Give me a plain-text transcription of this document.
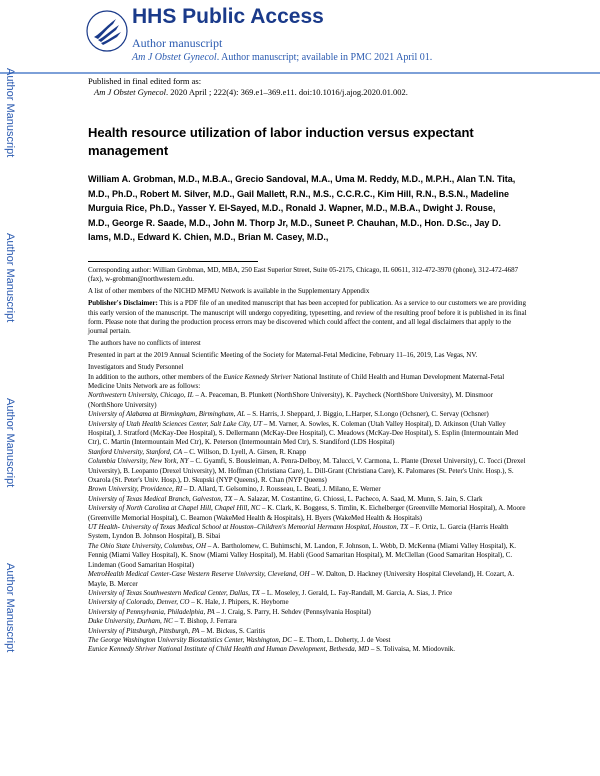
HHS Public Access
Author manuscript
Am J Obstet Gynecol. Author manuscript; available in PMC 2021 April 01.
Author Manuscript
Author Manuscript
Author Manuscript
Author Manuscript
Published in final edited form as:
Am J Obstet Gynecol. 2020 April ; 222(4): 369.e1–369.e11. doi:10.1016/j.ajog.2020.01.002.
Health resource utilization of labor induction versus expectant management
William A. Grobman, M.D., M.B.A., Grecio Sandoval, M.A., Uma M. Reddy, M.D., M.P.H., Alan T.N. Tita, M.D., Ph.D., Robert M. Silver, M.D., Gail Mallett, R.N., M.S., C.C.R.C., Kim Hill, R.N., B.S.N., Madeline Murguia Rice, Ph.D., Yasser Y. El-Sayed, M.D., Ronald J. Wapner, M.D., M.B.A., Dwight J. Rouse, M.D., George R. Saade, M.D., John M. Thorp Jr, M.D., Suneet P. Chauhan, M.D., Hon. D.Sc., Jay D. Iams, M.D., Edward K. Chien, M.D., Brian M. Casey, M.D.,

Corresponding author: William Grobman, MD, MBA, 250 East Superior Street, Suite 05-2175, Chicago, IL 60611, 312-472-3970 (phone), 312-472-4687 (fax), w-grobman@northwestern.edu.

A list of other members of the NICHD MFMU Network is available in the Supplementary Appendix

Publisher's Disclaimer: This is a PDF file of an unedited manuscript that has been accepted for publication. As a service to our customers we are providing this early version of the manuscript. The manuscript will undergo copyediting, typesetting, and review of the resulting proof before it is published in its final form. Please note that during the production process errors may be discovered which could affect the content, and all legal disclaimers that apply to the journal pertain.

The authors have no conflicts of interest

Presented in part at the 2019 Annual Scientific Meeting of the Society for Maternal-Fetal Medicine, February 11–16, 2019, Las Vegas, NV.

Investigators and Study Personnel
In addition to the authors, other members of the Eunice Kennedy Shriver National Institute of Child Health and Human Development Maternal-Fetal Medicine Units Network are as follows:
Northwestern University, Chicago, IL – A. Peaceman, B. Plunkett (NorthShore University), K. Paycheck (NorthShore University), M. Dinsmoor (NorthShore University)
University of Alabama at Birmingham, Birmingham, AL – S. Harris, J. Sheppard, J. Biggio, L.Harper, S.Longo (Ochsner), C. Servay (Ochsner)
University of Utah Health Sciences Center, Salt Lake City, UT – M. Varner, A. Sowles, K. Coleman (Utah Valley Hospital), D. Atkinson (Utah Valley Hospital), J. Stratford (McKay-Dee Hospital), S. Dellermann (McKay-Dee Hospital), C. Meadows (McKay-Dee Hospital), S. Esplin (Intermountain Med Ctr), C. Martin (Intermountain Med Ctr), K. Peterson (Intermountain Med Ctr), S. Standiford (LDS Hospital)
Stanford University, Stanford, CA – C. Willson, D. Lyell, A. Girsen, R. Knapp
Columbia University, New York, NY – C. Gyamfi, S. Bousleiman, A. Penra-Delboy, M. Talucci, V. Carmona, L. Plante (Drexel University), C. Tocci (Drexel University), B. Leopanto (Drexel University), M. Hoffman (Christiana Care), L. Dill-Grant (Christiana Care), K. Palomares (St. Peter's Univ. Hosp.), S. Oxarola (St. Peter's Univ. Hosp.), D. Skupski (NYP Queens), R. Chan (NYP Queens)
Brown University, Providence, RI – D. Allard, T. Gelsomino, J. Rousseau, L. Beati, J. Milano, E. Werner
University of Texas Medical Branch, Galveston, TX – A. Salazar, M. Costantine, G. Chiossi, L. Pacheco, A. Saad, M. Munn, S. Jain, S. Clark
University of North Carolina at Chapel Hill, Chapel Hill, NC – K. Clark, K. Boggess, S. Timlin, K. Eichelberger (Greenville Memorial Hospital), A. Moore (Greenville Memorial Hospital), C. Beamon (WakeMed Health & Hospitals), H. Byers (WakeMed Health & Hospitals)
UT Health- University of Texas Medical School at Houston–Children's Memorial Hermann Hospital, Houston, TX – F. Ortiz, L. Garcia (Harris Health System, Lyndon B. Johnson Hospital), B. Sibai
The Ohio State University, Columbus, OH – A. Bartholomew, C. Buhimschi, M. Landon, F. Johnson, L. Webb, D. McKenna (Miami Valley Hospital), K. Fennig (Miami Valley Hospital), K. Snow (Miami Valley Hospital), M. Habli (Good Samaritan Hospital), M. McClellan (Good Samaritan Hospital), C. Lindeman (Good Samaritan Hospital)
MetroHealth Medical Center-Case Western Reserve University, Cleveland, OH – W. Dalton, D. Hackney (University Hospital Cleveland), H. Cozart, A. Mayle, B. Mercer
University of Texas Southwestern Medical Center, Dallas, TX – L. Moseley, J. Gerald, L. Fay-Randall, M. Garcia, A. Sias, J. Price
University of Colorado, Denver, CO – K. Hale, J. Phipers, K. Heyborne
University of Pennsylvania, Philadelphia, PA – J. Craig, S. Parry, H. Sehdev (Pennsylvania Hospital)
Duke University, Durham, NC – T. Bishop, J. Ferrara
University of Pittsburgh, Pittsburgh, PA – M. Bickus, S. Caritis
The George Washington University Biostatistics Center, Washington, DC – E. Thom, L. Doherty, J. de Voest
Eunice Kennedy Shriver National Institute of Child Health and Human Development, Bethesda, MD – S. Tolivaisa, M. Miodovnik.
